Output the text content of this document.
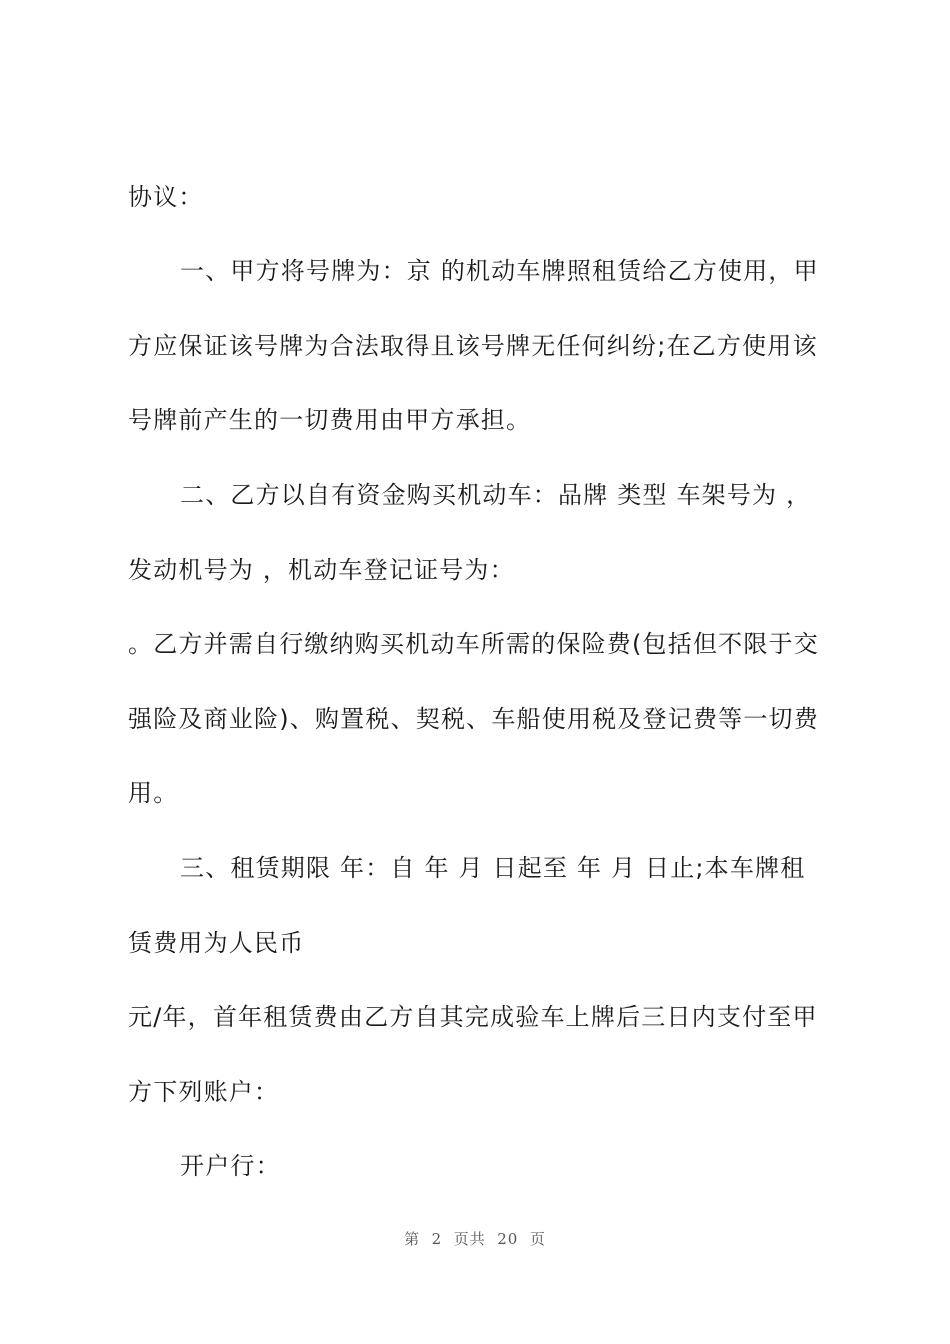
协议：
一、甲方将号牌为：京 的机动车牌照租赁给乙方使用，甲
方应保证该号牌为合法取得且该号牌无任何纠纷;在乙方使用该
号牌前产生的一切费用由甲方承担。
二、乙方以自有资金购买机动车：品牌 类型 车架号为 ，
发动机号为 ，机动车登记证号为：
。乙方并需自行缴纳购买机动车所需的保险费(包括但不限于交
强险及商业险)、购置税、契税、车船使用税及登记费等一切费
用。
三、租赁期限 年：自 年 月 日起至 年 月 日止;本车牌租
赁费用为人民币
元/年，首年租赁费由乙方自其完成验车上牌后三日内支付至甲
方下列账户：
开户行：
第  2  页共  20  页
